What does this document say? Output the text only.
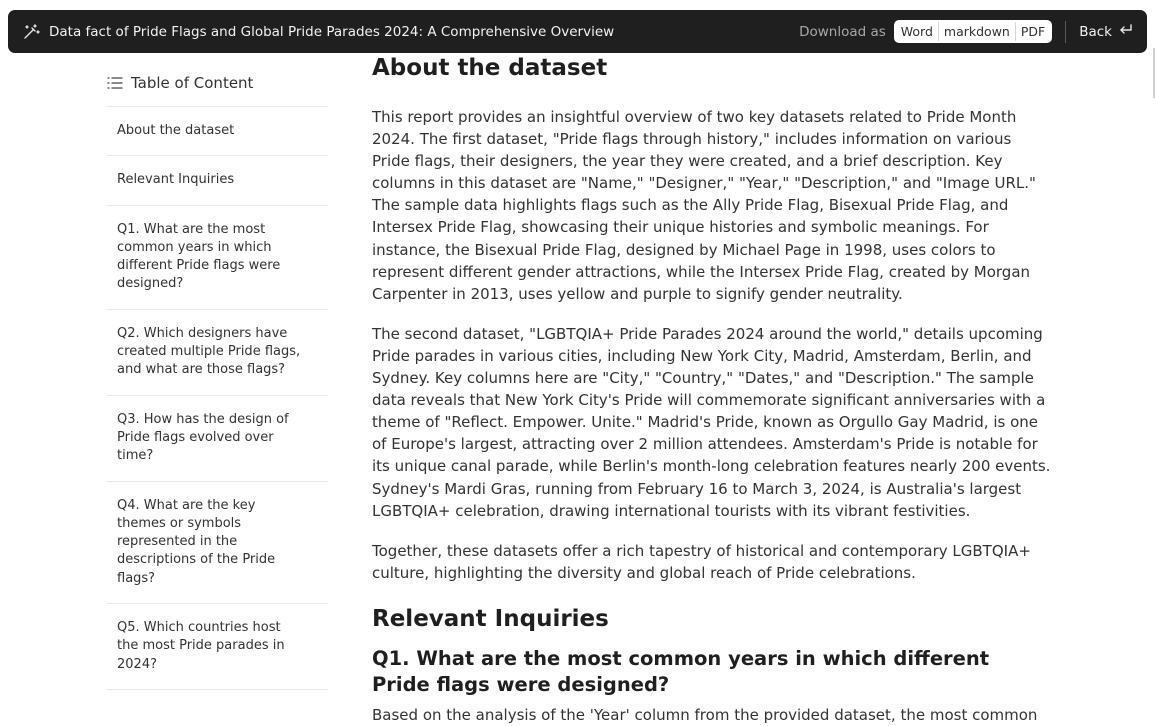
Data fact of Pride Flags and Global Pride Parades 2024: A Comprehensive Overview	Download as	Word markdown PDF	Back
Table of Content
About the dataset
Relevant Inquiries
Q1. What are the most common years in which different Pride flags were designed?
Q2. Which designers have created multiple Pride flags, and what are those flags?
Q3. How has the design of Pride flags evolved over time?
Q4. What are the key themes or symbols represented in the descriptions of the Pride flags?
Q5. Which countries host the most Pride parades in 2024?
About the dataset

This report provides an insightful overview of two key datasets related to Pride Month 2024. The first dataset, "Pride flags through history," includes information on various Pride flags, their designers, the year they were created, and a brief description. Key columns in this dataset are "Name," "Designer," "Year," "Description," and "Image URL." The sample data highlights flags such as the Ally Pride Flag, Bisexual Pride Flag, and Intersex Pride Flag, showcasing their unique histories and symbolic meanings. For instance, the Bisexual Pride Flag, designed by Michael Page in 1998, uses colors to represent different gender attractions, while the Intersex Pride Flag, created by Morgan Carpenter in 2013, uses yellow and purple to signify gender neutrality.

The second dataset, "LGBTQIA+ Pride Parades 2024 around the world," details upcoming Pride parades in various cities, including New York City, Madrid, Amsterdam, Berlin, and Sydney. Key columns here are "City," "Country," "Dates," and "Description." The sample data reveals that New York City's Pride will commemorate significant anniversaries with a theme of "Reflect. Empower. Unite." Madrid's Pride, known as Orgullo Gay Madrid, is one of Europe's largest, attracting over 2 million attendees. Amsterdam's Pride is notable for its unique canal parade, while Berlin's month-long celebration features nearly 200 events. Sydney's Mardi Gras, running from February 16 to March 3, 2024, is Australia's largest LGBTQIA+ celebration, drawing international tourists with its vibrant festivities.

Together, these datasets offer a rich tapestry of historical and contemporary LGBTQIA+ culture, highlighting the diversity and global reach of Pride celebrations.

Relevant Inquiries
Q1. What are the most common years in which different Pride flags were designed?

Based on the analysis of the 'Year' column from the provided dataset, the most common
